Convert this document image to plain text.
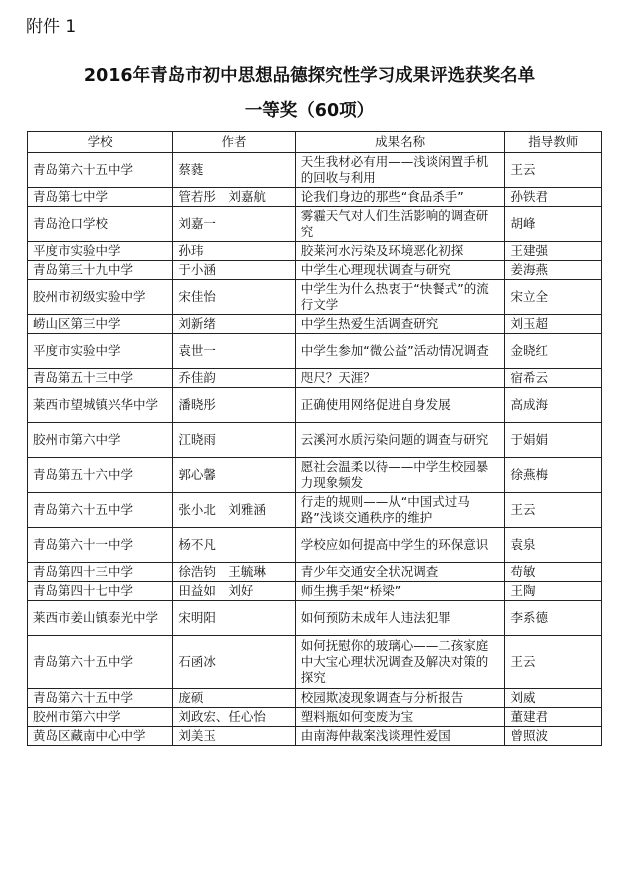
附件 1
2016年青岛市初中思想品德探究性学习成果评选获奖名单
一等奖（60项）
学校	作者	成果名称	指导教师
青岛第六十五中学	蔡蕤	天生我材必有用——浅谈闲置手机的回收与利用	王云
青岛第七中学	管若彤　刘嘉航	论我们身边的那些“食品杀手”	孙铁君
青岛沧口学校	刘嘉一	雾霾天气对人们生活影响的调查研究	胡峰
平度市实验中学	孙玮	胶莱河水污染及环境恶化初探	王建强
青岛第三十九中学	于小涵	中学生心理现状调查与研究	姜海燕
胶州市初级实验中学	宋佳怡	中学生为什么热衷于“快餐式”的流行文学	宋立全
崂山区第三中学	刘新绪	中学生热爱生活调查研究	刘玉超
平度市实验中学	袁世一	中学生参加“微公益”活动情况调查	金晓红
青岛第五十三中学	乔佳韵	咫尺？天涯？	宿希云
莱西市望城镇兴华中学	潘晓彤	正确使用网络促进自身发展	高成海
胶州市第六中学	江晓雨	云溪河水质污染问题的调查与研究	于娟娟
青岛第五十六中学	郭心馨	愿社会温柔以待——中学生校园暴力现象频发	徐燕梅
青岛第六十五中学	张小北　刘雅涵	行走的规则——从“中国式过马路”浅谈交通秩序的维护	王云
青岛第六十一中学	杨不凡	学校应如何提高中学生的环保意识	袁泉
青岛第四十三中学	徐浩钧　王毓琳	青少年交通安全状况调查	苟敏
青岛第四十七中学	田益如　刘好	师生携手架“桥梁”	王陶
莱西市姜山镇泰光中学	宋明阳	如何预防未成年人违法犯罪	李系德
青岛第六十五中学	石函冰	如何抚慰你的玻璃心——二孩家庭中大宝心理状况调查及解决对策的探究	王云
青岛第六十五中学	庞硕	校园欺凌现象调查与分析报告	刘威
胶州市第六中学	刘政宏、任心怡	塑料瓶如何变废为宝	董建君
黄岛区藏南中心中学	刘美玉	由南海仲裁案浅谈理性爱国	曾照波
